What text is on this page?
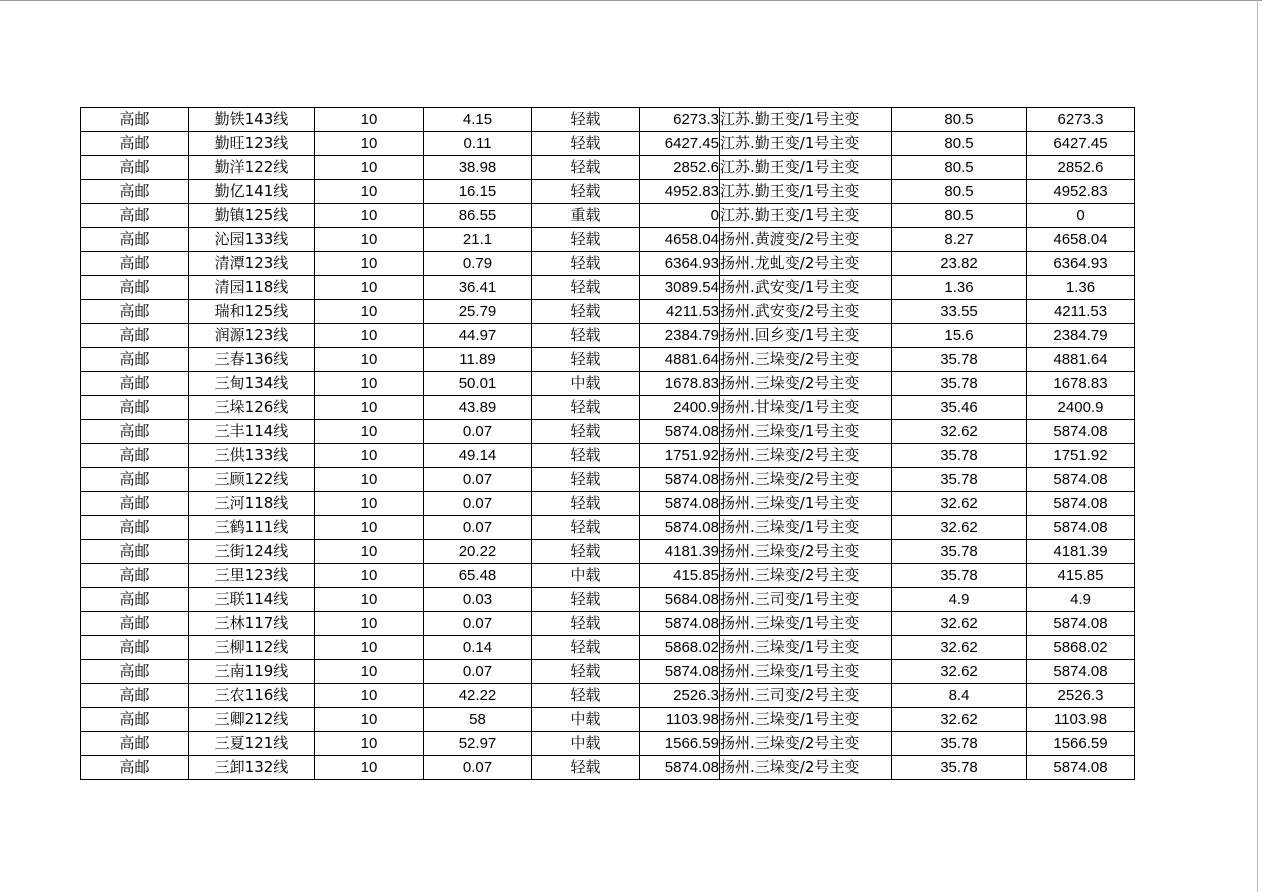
高邮	勤铁143线	10	4.15	轻载	6273.3	江苏.勤王变/1号主变	80.5	6273.3
高邮	勤旺123线	10	0.11	轻载	6427.45	江苏.勤王变/1号主变	80.5	6427.45
高邮	勤洋122线	10	38.98	轻载	2852.6	江苏.勤王变/1号主变	80.5	2852.6
高邮	勤亿141线	10	16.15	轻载	4952.83	江苏.勤王变/1号主变	80.5	4952.83
高邮	勤镇125线	10	86.55	重载	0	江苏.勤王变/1号主变	80.5	0
高邮	沁园133线	10	21.1	轻载	4658.04	扬州.黄渡变/2号主变	8.27	4658.04
高邮	清潭123线	10	0.79	轻载	6364.93	扬州.龙虬变/2号主变	23.82	6364.93
高邮	清园118线	10	36.41	轻载	3089.54	扬州.武安变/1号主变	1.36	1.36
高邮	瑞和125线	10	25.79	轻载	4211.53	扬州.武安变/2号主变	33.55	4211.53
高邮	润源123线	10	44.97	轻载	2384.79	扬州.回乡变/1号主变	15.6	2384.79
高邮	三春136线	10	11.89	轻载	4881.64	扬州.三垛变/2号主变	35.78	4881.64
高邮	三甸134线	10	50.01	中载	1678.83	扬州.三垛变/2号主变	35.78	1678.83
高邮	三垛126线	10	43.89	轻载	2400.9	扬州.甘垛变/1号主变	35.46	2400.9
高邮	三丰114线	10	0.07	轻载	5874.08	扬州.三垛变/1号主变	32.62	5874.08
高邮	三供133线	10	49.14	轻载	1751.92	扬州.三垛变/2号主变	35.78	1751.92
高邮	三顾122线	10	0.07	轻载	5874.08	扬州.三垛变/2号主变	35.78	5874.08
高邮	三河118线	10	0.07	轻载	5874.08	扬州.三垛变/1号主变	32.62	5874.08
高邮	三鹤111线	10	0.07	轻载	5874.08	扬州.三垛变/1号主变	32.62	5874.08
高邮	三街124线	10	20.22	轻载	4181.39	扬州.三垛变/2号主变	35.78	4181.39
高邮	三里123线	10	65.48	中载	415.85	扬州.三垛变/2号主变	35.78	415.85
高邮	三联114线	10	0.03	轻载	5684.08	扬州.三司变/1号主变	4.9	4.9
高邮	三林117线	10	0.07	轻载	5874.08	扬州.三垛变/1号主变	32.62	5874.08
高邮	三柳112线	10	0.14	轻载	5868.02	扬州.三垛变/1号主变	32.62	5868.02
高邮	三南119线	10	0.07	轻载	5874.08	扬州.三垛变/1号主变	32.62	5874.08
高邮	三农116线	10	42.22	轻载	2526.3	扬州.三司变/2号主变	8.4	2526.3
高邮	三卿212线	10	58	中载	1103.98	扬州.三垛变/1号主变	32.62	1103.98
高邮	三夏121线	10	52.97	中载	1566.59	扬州.三垛变/2号主变	35.78	1566.59
高邮	三卸132线	10	0.07	轻载	5874.08	扬州.三垛变/2号主变	35.78	5874.08
